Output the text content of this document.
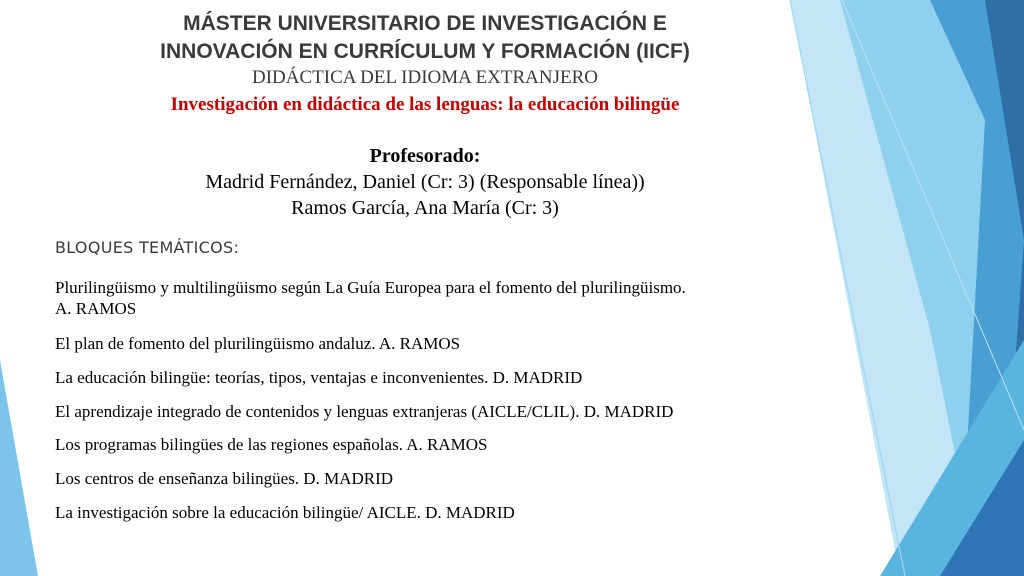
MÁSTER UNIVERSITARIO DE INVESTIGACIÓN E
INNOVACIÓN EN CURRÍCULUM Y FORMACIÓN (IICF)
DIDÁCTICA DEL IDIOMA EXTRANJERO
Investigación en didáctica de las lenguas: la educación bilingüe
Profesorado:
Madrid Fernández, Daniel (Cr: 3) (Responsable línea))
Ramos García, Ana María (Cr: 3)
BLOQUES TEMÁTICOS:
Plurilingüismo y multilingüismo según La Guía Europea para el fomento del plurilingüismo.
A. RAMOS
El plan de fomento del plurilingüismo andaluz. A. RAMOS
La educación bilingüe: teorías, tipos, ventajas e inconvenientes. D. MADRID
El aprendizaje integrado de contenidos y lenguas extranjeras (AICLE/CLIL). D. MADRID
Los programas bilingües de las regiones españolas. A. RAMOS
Los centros de enseñanza bilingües. D. MADRID
La investigación sobre la educación bilingüe/ AICLE. D. MADRID
